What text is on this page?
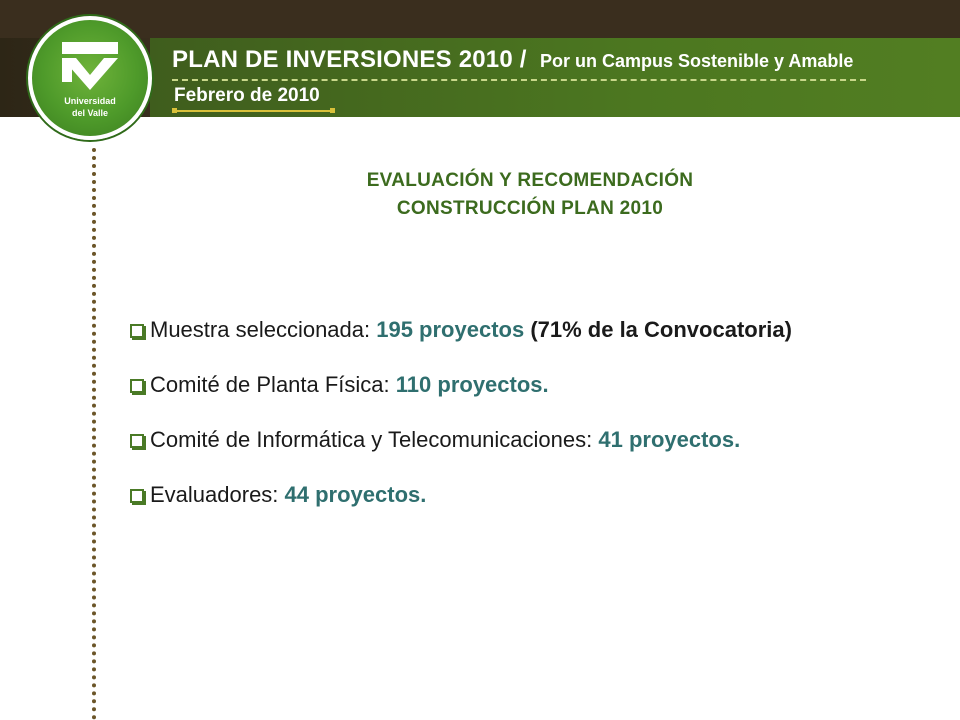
PLAN DE INVERSIONES 2010 / Por un Campus Sostenible y Amable
Febrero de 2010
Universidad
del Valle
EVALUACIÓN Y RECOMENDACIÓN
CONSTRUCCIÓN PLAN 2010
Muestra seleccionada: 195 proyectos (71% de la Convocatoria)
Comité de Planta Física: 110 proyectos.
Comité de Informática y Telecomunicaciones: 41 proyectos.
Evaluadores: 44 proyectos.
